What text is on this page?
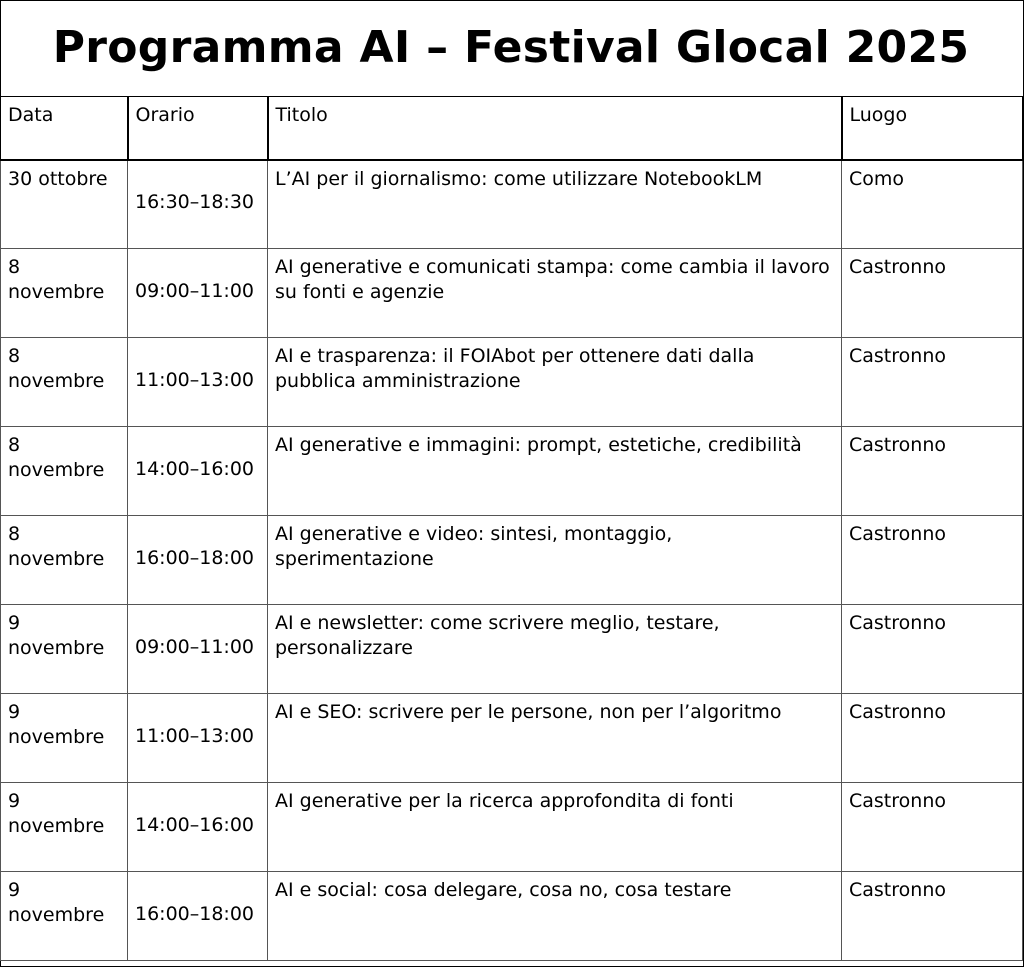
Programma AI – Festival Glocal 2025
Data	Orario	Titolo	Luogo
30 ottobre	16:30–18:30	L’AI per il giornalismo: come utilizzare NotebookLM	Como
8 novembre	09:00–11:00	AI generative e comunicati stampa: come cambia il lavoro su fonti e agenzie	Castronno
8 novembre	11:00–13:00	AI e trasparenza: il FOIAbot per ottenere dati dalla pubblica amministrazione	Castronno
8 novembre	14:00–16:00	AI generative e immagini: prompt, estetiche, credibilità	Castronno
8 novembre	16:00–18:00	AI generative e video: sintesi, montaggio, sperimentazione	Castronno
9 novembre	09:00–11:00	AI e newsletter: come scrivere meglio, testare, personalizzare	Castronno
9 novembre	11:00–13:00	AI e SEO: scrivere per le persone, non per l’algoritmo	Castronno
9 novembre	14:00–16:00	AI generative per la ricerca approfondita di fonti	Castronno
9 novembre	16:00–18:00	AI e social: cosa delegare, cosa no, cosa testare	Castronno
